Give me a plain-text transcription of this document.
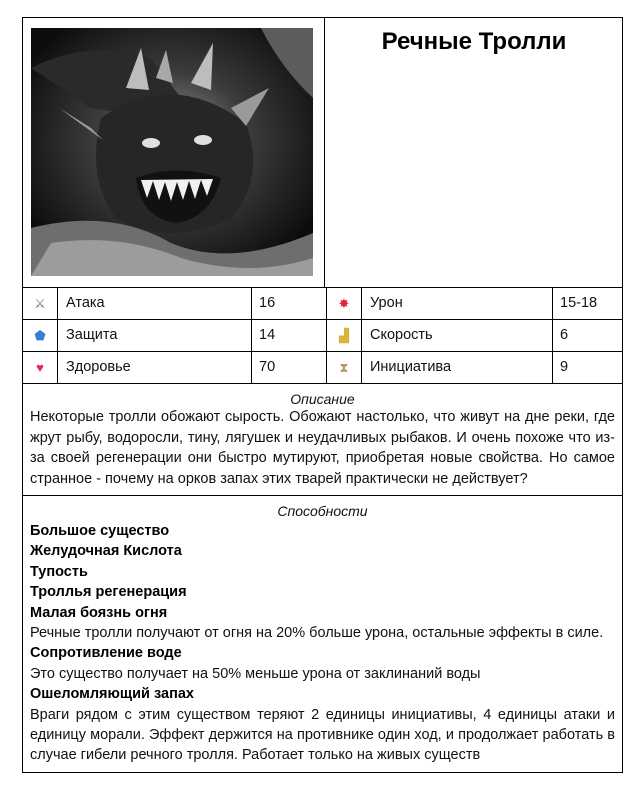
Речные Тролли
⚔	Атака	16	✸	Урон	15-18
⬟	Защита	14	▟	Скорость	6
♥	Здоровье	70	⧗	Инициатива	9
Описание
Некоторые тролли обожают сырость. Обожают настолько, что живут на дне реки, где жрут рыбу, водоросли, тину, лягушек и неудачливых рыбаков. И очень похоже что из-за своей регенерации они быстро мутируют, приобретая новые свойства. Но самое странное - почему на орков запах этих тварей практически не действует?
Способности
Большое существо
Желудочная Кислота
Тупость
Троллья регенерация
Малая боязнь огня
Речные тролли получают от огня на 20% больше урона, остальные эффекты в силе.
Сопротивление воде
Это существо получает на 50% меньше урона от заклинаний воды
Ошеломляющий запах
Враги рядом с этим существом теряют 2 единицы инициативы, 4 единицы атаки и единицу морали. Эффект держится на противнике один ход, и продолжает работать в случае гибели речного тролля. Работает только на живых существ
